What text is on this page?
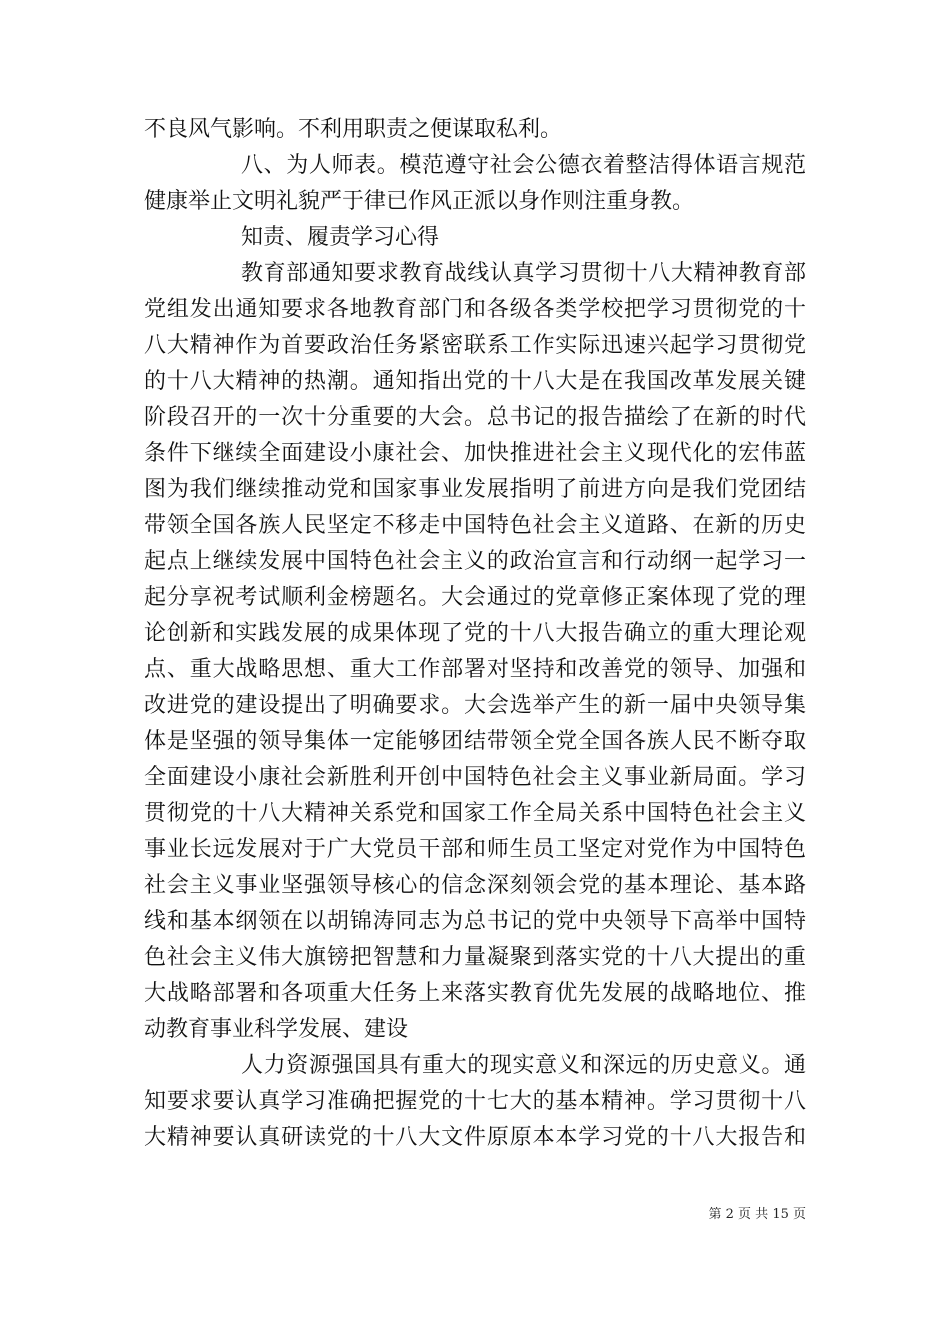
不良风气影响。不利用职责之便谋取私利。
八、为人师表。模范遵守社会公德衣着整洁得体语言规范
健康举止文明礼貌严于律已作风正派以身作则注重身教。
知责、履责学习心得
教育部通知要求教育战线认真学习贯彻十八大精神教育部
党组发出通知要求各地教育部门和各级各类学校把学习贯彻党的十
八大精神作为首要政治任务紧密联系工作实际迅速兴起学习贯彻党
的十八大精神的热潮。通知指出党的十八大是在我国改革发展关键
阶段召开的一次十分重要的大会。总书记的报告描绘了在新的时代
条件下继续全面建设小康社会、加快推进社会主义现代化的宏伟蓝
图为我们继续推动党和国家事业发展指明了前进方向是我们党团结
带领全国各族人民坚定不移走中国特色社会主义道路、在新的历史
起点上继续发展中国特色社会主义的政治宣言和行动纲一起学习一
起分享祝考试顺利金榜题名。大会通过的党章修正案体现了党的理
论创新和实践发展的成果体现了党的十八大报告确立的重大理论观
点、重大战略思想、重大工作部署对坚持和改善党的领导、加强和
改进党的建设提出了明确要求。大会选举产生的新一届中央领导集
体是坚强的领导集体一定能够团结带领全党全国各族人民不断夺取
全面建设小康社会新胜利开创中国特色社会主义事业新局面。学习
贯彻党的十八大精神关系党和国家工作全局关系中国特色社会主义
事业长远发展对于广大党员干部和师生员工坚定对党作为中国特色
社会主义事业坚强领导核心的信念深刻领会党的基本理论、基本路
线和基本纲领在以胡锦涛同志为总书记的党中央领导下高举中国特
色社会主义伟大旗镑把智慧和力量凝聚到落实党的十八大提出的重
大战略部署和各项重大任务上来落实教育优先发展的战略地位、推
动教育事业科学发展、建设
人力资源强国具有重大的现实意义和深远的历史意义。通
知要求要认真学习准确把握党的十七大的基本精神。学习贯彻十八
大精神要认真研读党的十八大文件原原本本学习党的十八大报告和
第 2 页 共 15 页
